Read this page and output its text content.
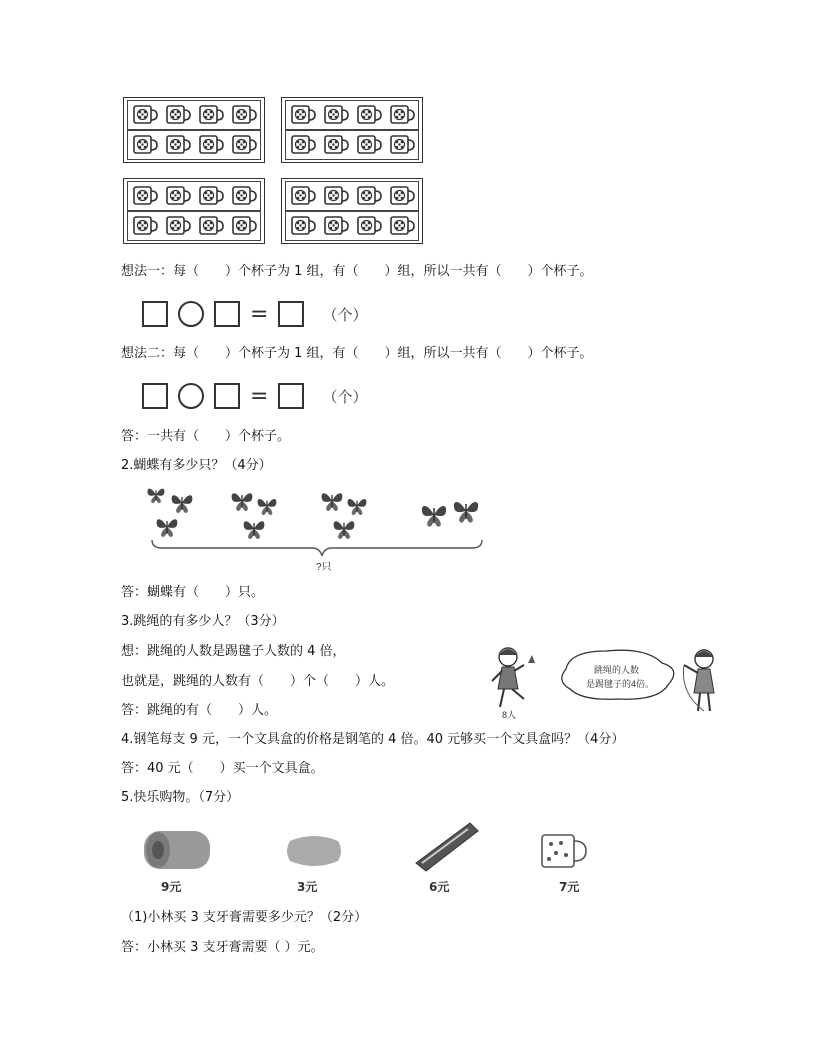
想法一：每（　　）个杯子为 1 组，有（　　）组，所以一共有（　　）个杯子。
=	（个）
想法二：每（　　）个杯子为 1 组，有（　　）组，所以一共有（　　）个杯子。
=	（个）
答：一共有（　　）个杯子。
2.蝴蝶有多少只？（4分）
?只
答：蝴蝶有（　　）只。
3.跳绳的有多少人？（3分）
想：跳绳的人数是踢毽子人数的 4 倍，
也就是，跳绳的人数有（　　）个（　　）人。
答：跳绳的有（　　）人。	8人
跳绳的人数
是踢毽子的4倍。
4.钢笔每支 9 元，一个文具盒的价格是钢笔的 4 倍。40 元够买一个文具盒吗？（4分）
答：40 元（　　）买一个文具盒。
5.快乐购物。（7分）
9元	3元	6元	7元
（1)小林买 3 支牙膏需要多少元？（2分）
答：小林买 3 支牙膏需要（ ）元。
